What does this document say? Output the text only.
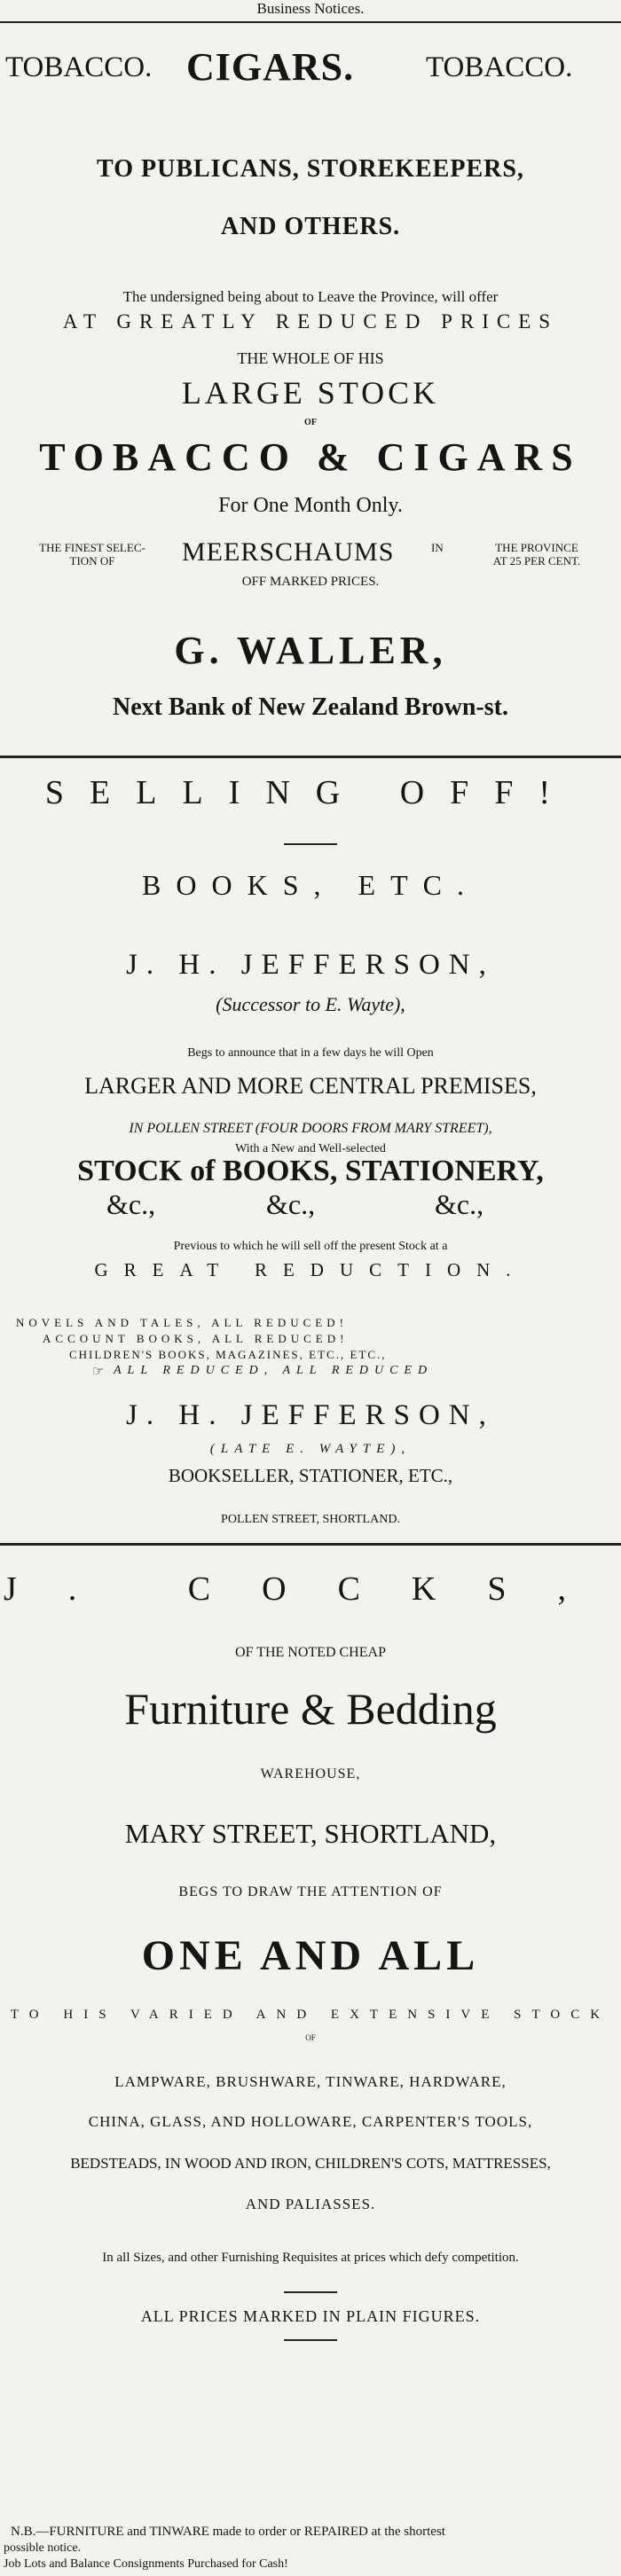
Business Notices.
TOBACCO. CIGARS. TOBACCO.
TO PUBLICANS, STOREKEEPERS,
AND OTHERS.
The undersigned being about to Leave the Province, will offer
AT GREATLY REDUCED PRICES
THE WHOLE OF HIS
LARGE STOCK
OF
TOBACCO & CIGARS
For One Month Only.
THE FINEST SELEC-
TION OF	MEERSCHAUMS	IN	THE PROVINCE
AT 25 PER CENT.
OFF MARKED PRICES.
G. WALLER,
Next Bank of New Zealand Brown-st.
SELLING OFF!
BOOKS, ETC.
J. H. JEFFERSON,
(Successor to E. Wayte),
Begs to announce that in a few days he will Open
LARGER AND MORE CENTRAL PREMISES,
IN POLLEN STREET (FOUR DOORS FROM MARY STREET),
With a New and Well-selected
STOCK of BOOKS, STATIONERY,
&c.,	&c.,	&c.,
Previous to which he will sell off the present Stock at a
GREAT REDUCTION.
NOVELS AND TALES, ALL REDUCED!
ACCOUNT BOOKS, ALL REDUCED!
CHILDREN'S BOOKS, MAGAZINES, ETC., ETC.,
☞ ALL REDUCED, ALL REDUCED
J. H. JEFFERSON,
(LATE E. WAYTE),
BOOKSELLER, STATIONER, ETC.,
POLLEN STREET, SHORTLAND.
J. COCKS,
OF THE NOTED CHEAP
Furniture & Bedding
WAREHOUSE,
MARY STREET, SHORTLAND,
BEGS TO DRAW THE ATTENTION OF
ONE AND ALL
TO HIS VARIED AND EXTENSIVE STOCK
OF
LAMPWARE, BRUSHWARE, TINWARE, HARDWARE,
CHINA, GLASS, AND HOLLOWARE, CARPENTER'S TOOLS,
BEDSTEADS, IN WOOD AND IRON, CHILDREN'S COTS, MATTRESSES,
AND PALIASSES.
In all Sizes, and other Furnishing Requisites at prices which defy competition.
ALL PRICES MARKED IN PLAIN FIGURES.
N.B.—FURNITURE and TINWARE made to order or REPAIRED at the shortest
possible notice.
Job Lots and Balance Consignments Purchased for Cash!
